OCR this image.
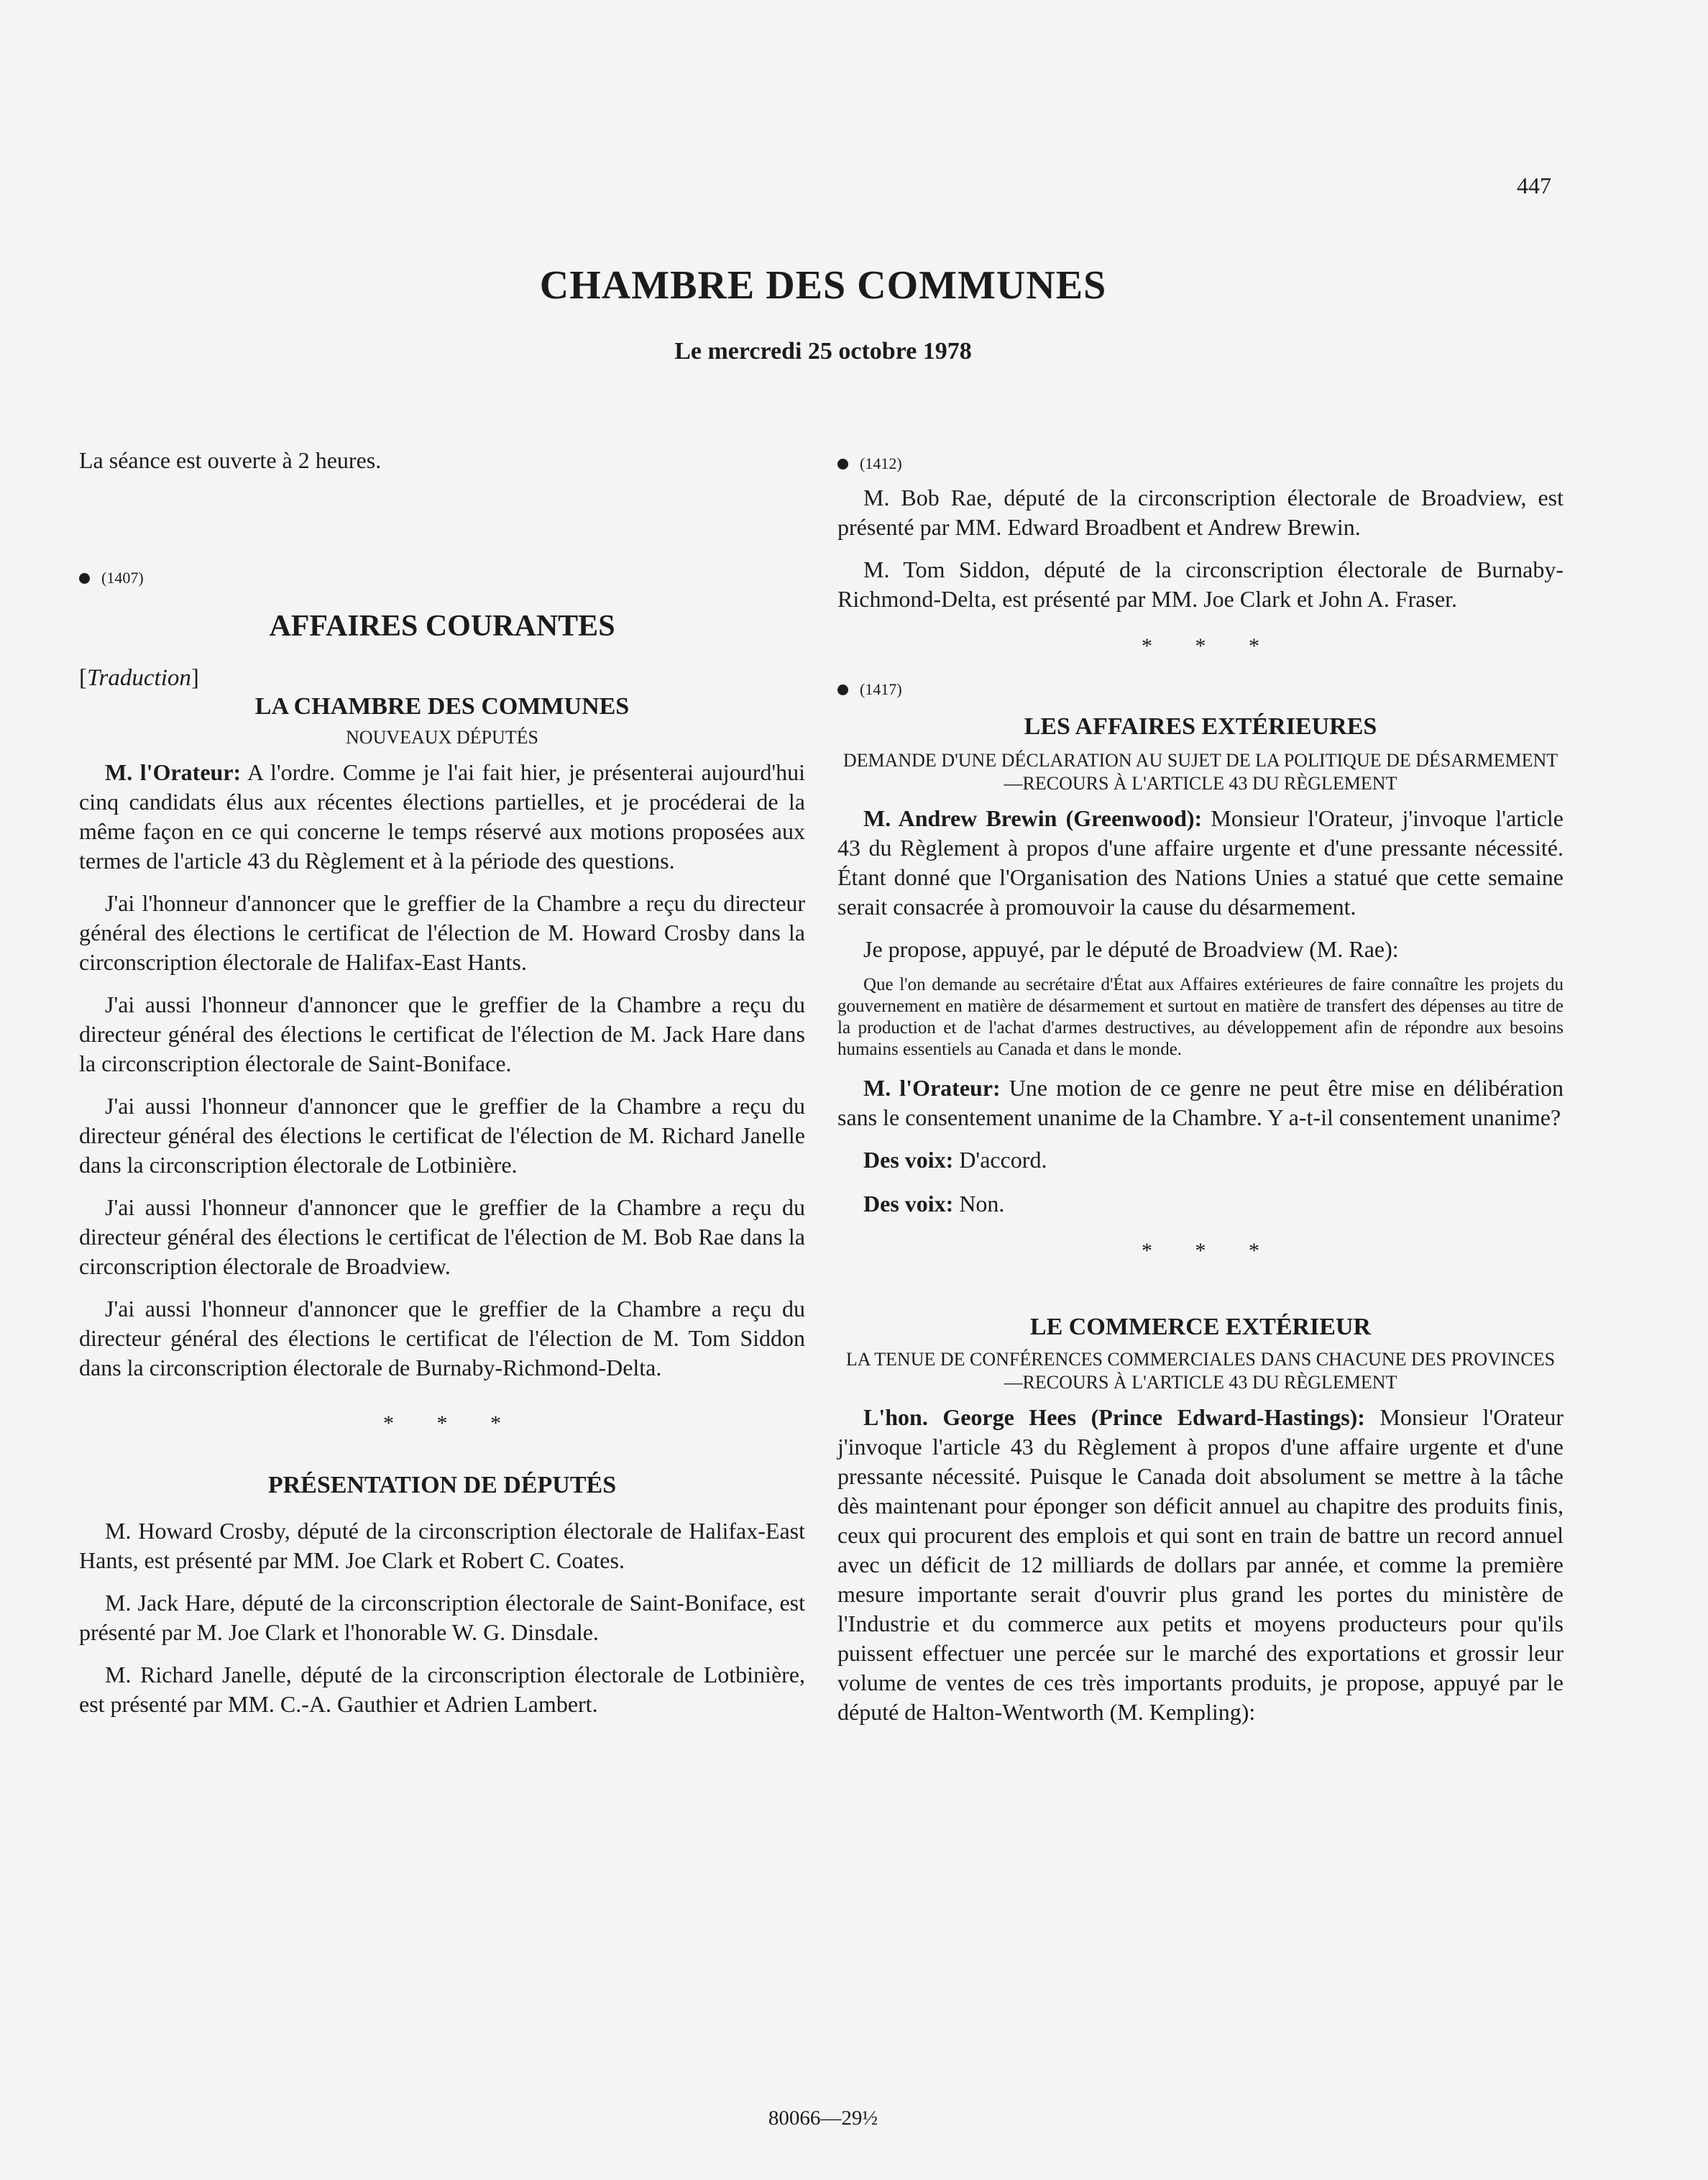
447
CHAMBRE DES COMMUNES
Le mercredi 25 octobre 1978

La séance est ouverte à 2 heures.

(1407)
AFFAIRES COURANTES
[Traduction]
LA CHAMBRE DES COMMUNES
NOUVEAUX DÉPUTÉS

M. l'Orateur: A l'ordre. Comme je l'ai fait hier, je présenterai aujourd'hui cinq candidats élus aux récentes élections partielles, et je procéderai de la même façon en ce qui concerne le temps réservé aux motions proposées aux termes de l'article 43 du Règlement et à la période des questions.

J'ai l'honneur d'annoncer que le greffier de la Chambre a reçu du directeur général des élections le certificat de l'élection de M. Howard Crosby dans la circonscription électorale de Halifax-East Hants.

J'ai aussi l'honneur d'annoncer que le greffier de la Chambre a reçu du directeur général des élections le certificat de l'élection de M. Jack Hare dans la circonscription électorale de Saint-Boniface.

J'ai aussi l'honneur d'annoncer que le greffier de la Chambre a reçu du directeur général des élections le certificat de l'élection de M. Richard Janelle dans la circonscription électorale de Lotbinière.

J'ai aussi l'honneur d'annoncer que le greffier de la Chambre a reçu du directeur général des élections le certificat de l'élection de M. Bob Rae dans la circonscription électorale de Broadview.

J'ai aussi l'honneur d'annoncer que le greffier de la Chambre a reçu du directeur général des élections le certificat de l'élection de M. Tom Siddon dans la circonscription électorale de Burnaby-Richmond-Delta.

* * *
PRÉSENTATION DE DÉPUTÉS

M. Howard Crosby, député de la circonscription électorale de Halifax-East Hants, est présenté par MM. Joe Clark et Robert C. Coates.

M. Jack Hare, député de la circonscription électorale de Saint-Boniface, est présenté par M. Joe Clark et l'honorable W. G. Dinsdale.

M. Richard Janelle, député de la circonscription électorale de Lotbinière, est présenté par MM. C.-A. Gauthier et Adrien Lambert.

(1412)

M. Bob Rae, député de la circonscription électorale de Broadview, est présenté par MM. Edward Broadbent et Andrew Brewin.

M. Tom Siddon, député de la circonscription électorale de Burnaby-Richmond-Delta, est présenté par MM. Joe Clark et John A. Fraser.

* * *
(1417)
LES AFFAIRES EXTÉRIEURES
DEMANDE D'UNE DÉCLARATION AU SUJET DE LA POLITIQUE DE DÉSARMEMENT—RECOURS À L'ARTICLE 43 DU RÈGLEMENT

M. Andrew Brewin (Greenwood): Monsieur l'Orateur, j'invoque l'article 43 du Règlement à propos d'une affaire urgente et d'une pressante nécessité. Étant donné que l'Organisation des Nations Unies a statué que cette semaine serait consacrée à promouvoir la cause du désarmement.

Je propose, appuyé, par le député de Broadview (M. Rae):

Que l'on demande au secrétaire d'État aux Affaires extérieures de faire connaître les projets du gouvernement en matière de désarmement et surtout en matière de transfert des dépenses au titre de la production et de l'achat d'armes destructives, au développement afin de répondre aux besoins humains essentiels au Canada et dans le monde.

M. l'Orateur: Une motion de ce genre ne peut être mise en délibération sans le consentement unanime de la Chambre. Y a-t-il consentement unanime?

Des voix: D'accord.

Des voix: Non.

* * *
LE COMMERCE EXTÉRIEUR
LA TENUE DE CONFÉRENCES COMMERCIALES DANS CHACUNE DES PROVINCES—RECOURS À L'ARTICLE 43 DU RÈGLEMENT

L'hon. George Hees (Prince Edward-Hastings): Monsieur l'Orateur j'invoque l'article 43 du Règlement à propos d'une affaire urgente et d'une pressante nécessité. Puisque le Canada doit absolument se mettre à la tâche dès maintenant pour éponger son déficit annuel au chapitre des produits finis, ceux qui procurent des emplois et qui sont en train de battre un record annuel avec un déficit de 12 milliards de dollars par année, et comme la première mesure importante serait d'ouvrir plus grand les portes du ministère de l'Industrie et du commerce aux petits et moyens producteurs pour qu'ils puissent effectuer une percée sur le marché des exportations et grossir leur volume de ventes de ces très importants produits, je propose, appuyé par le député de Halton-Wentworth (M. Kempling):

80066—29½
